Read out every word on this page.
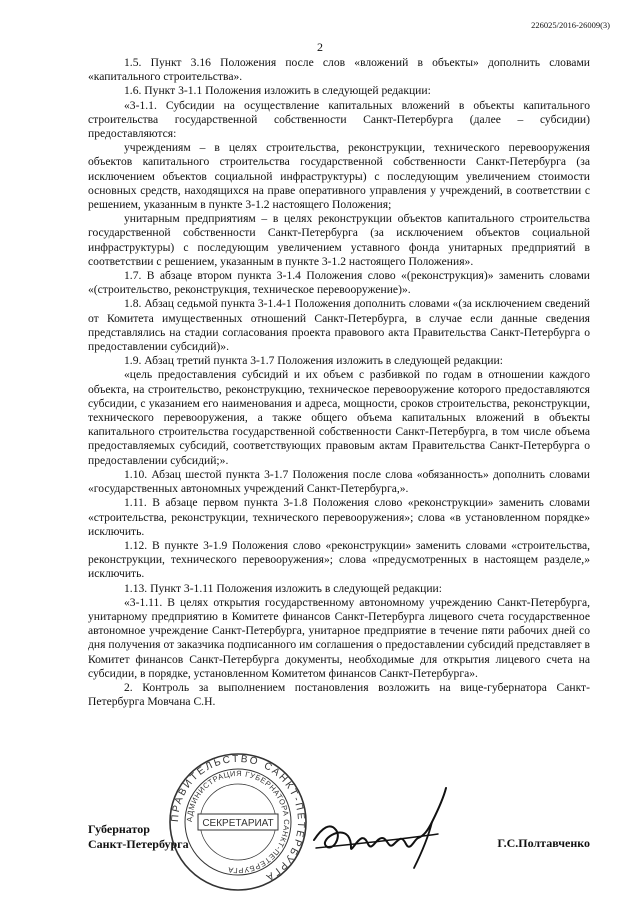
226025/2016-26009(3)
2

1.5. Пункт 3.16 Положения после слов «вложений в объекты» дополнить словами «капитального строительства».

1.6. Пункт 3-1.1 Положения изложить в следующей редакции:

«3-1.1. Субсидии на осуществление капитальных вложений в объекты капитального строительства государственной собственности Санкт-Петербурга (далее – субсидии) предоставляются:

учреждениям – в целях строительства, реконструкции, технического перевооружения объектов капитального строительства государственной собственности Санкт-Петербурга (за исключением объектов социальной инфраструктуры) с последующим увеличением стоимости основных средств, находящихся на праве оперативного управления у учреждений, в соответствии с решением, указанным в пункте 3-1.2 настоящего Положения;

унитарным предприятиям – в целях реконструкции объектов капитального строительства государственной собственности Санкт-Петербурга (за исключением объектов социальной инфраструктуры) с последующим увеличением уставного фонда унитарных предприятий в соответствии с решением, указанным в пункте 3-1.2 настоящего Положения».

1.7. В абзаце втором пункта 3-1.4 Положения слово «(реконструкция)» заменить словами «(строительство, реконструкция, техническое перевооружение)».

1.8. Абзац седьмой пункта 3-1.4-1 Положения дополнить словами «(за исключением сведений от Комитета имущественных отношений Санкт-Петербурга, в случае если данные сведения представлялись на стадии согласования проекта правового акта Правительства Санкт-Петербурга о предоставлении субсидий)».

1.9. Абзац третий пункта 3-1.7 Положения изложить в следующей редакции:

«цель предоставления субсидий и их объем с разбивкой по годам в отношении каждого объекта, на строительство, реконструкцию, техническое перевооружение которого предоставляются субсидии, с указанием его наименования и адреса, мощности, сроков строительства, реконструкции, технического перевооружения, а также общего объема капитальных вложений в объекты капитального строительства государственной собственности Санкт-Петербурга, в том числе объема предоставляемых субсидий, соответствующих правовым актам Правительства Санкт-Петербурга о предоставлении субсидий;».

1.10. Абзац шестой пункта 3-1.7 Положения после слова «обязанность» дополнить словами «государственных автономных учреждений Санкт-Петербурга,».

1.11. В абзаце первом пункта 3-1.8 Положения слово «реконструкции» заменить словами «строительства, реконструкции, технического перевооружения»; слова «в установленном порядке» исключить.

1.12. В пункте 3-1.9 Положения слово «реконструкции» заменить словами «строительства, реконструкции, технического перевооружения»; слова «предусмотренных в настоящем разделе,» исключить.

1.13. Пункт 3-1.11 Положения изложить в следующей редакции:

«3-1.11. В целях открытия государственному автономному учреждению Санкт-Петербурга, унитарному предприятию в Комитете финансов Санкт-Петербурга лицевого счета государственное автономное учреждение Санкт-Петербурга, унитарное предприятие в течение пяти рабочих дней со дня получения от заказчика подписанного им соглашения о предоставлении субсидий представляет в Комитет финансов Санкт-Петербурга документы, необходимые для открытия лицевого счета на субсидии, в порядке, установленном Комитетом финансов Санкт-Петербурга».

2. Контроль за выполнением постановления возложить на вице-губернатора Санкт-Петербурга Мовчана С.Н.

Губернатор
Санкт-Петербурга	Г.С.Полтавченко
ПРАВИТЕЛЬСТВО САНКТ-ПЕТЕРБУРГА
АДМИНИСТРАЦИЯ ГУБЕРНАТОРА САНКТ-ПЕТЕРБУРГА
СЕКРЕТАРИАТ
